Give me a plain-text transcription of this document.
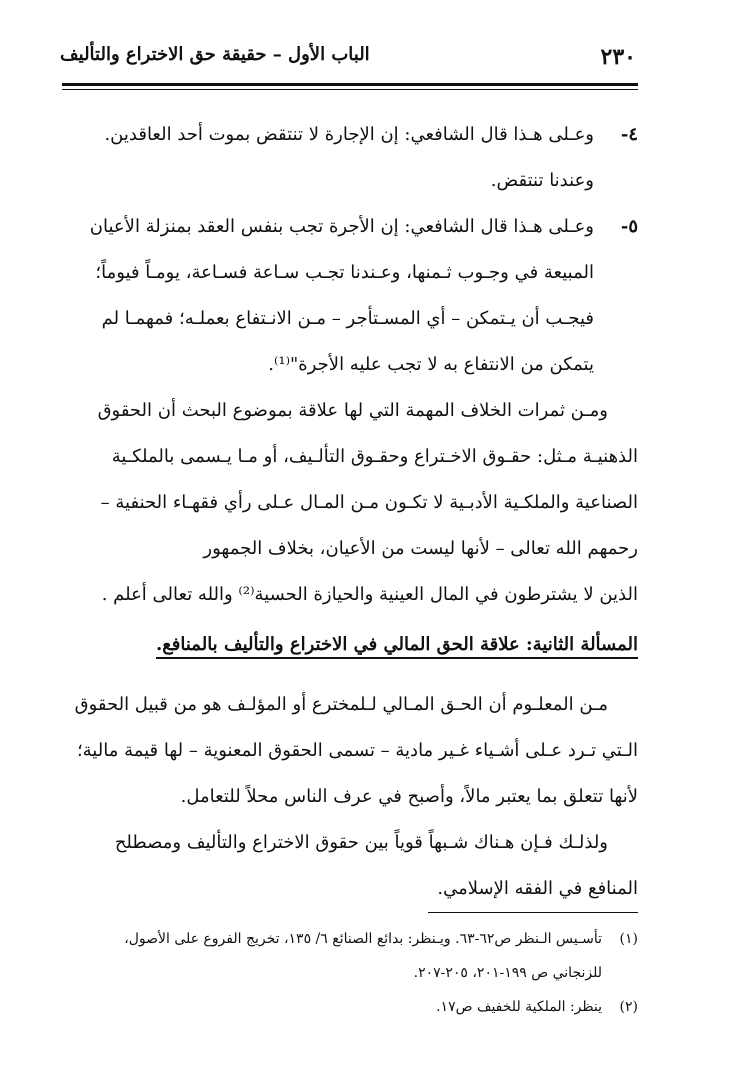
الباب الأول – حقيقة حق الاختراع والتأليف	٢٣٠
٤-
وعـلى هـذا قال الشافعي: إن الإجارة لا تنتقض بموت أحد العاقدين.
وعندنا تنتقض.
٥-
وعـلى هـذا قال الشافعي: إن الأجرة تجب بنفس العقد بمنزلة الأعيان
المبيعة في وجـوب ثـمنها، وعـندنا تجـب سـاعة فسـاعة، يومـاً فيوماً؛
فيجـب أن يـتمكن – أي المسـتأجر – مـن الانـتفاع بعملـه؛ فمهمـا لم
يتمكن من الانتفاع به لا تجب عليه الأجرة"⁽¹⁾.
ومـن ثمرات الخلاف المهمة التي لها علاقة بموضوع البحث أن الحقوق
الذهنيـة مـثل: حقـوق الاخـتراع وحقـوق التألـيف، أو مـا يـسمى بالملكـية
الصناعية والملكـية الأدبـية لا تكـون مـن المـال عـلى رأي فقهـاء الحنفية –
رحمهم الله تعالى – لأنها ليست من الأعيان، بخلاف الجمهور
الذين لا يشترطون في المال العينية والحيازة الحسية⁽²⁾ والله تعالى أعلم .
المسألة الثانية: علاقة الحق المالي في الاختراع والتأليف بالمنافع.
مـن المعلـوم أن الحـق المـالي لـلمخترع أو المؤلـف هو من قبيل الحقوق
الـتي تـرد عـلى أشـياء غـير مادية – تسمى الحقوق المعنوية – لها قيمة مالية؛
لأنها تتعلق بما يعتبر مالاً، وأصبح في عرف الناس محلاً للتعامل.
ولذلـك فـإن هـناك شـبهاً قوياً بين حقوق الاختراع والتأليف ومصطلح
المنافع في الفقه الإسلامي.
(١)
تأسـيس الـنظر ص٦٢-٦٣. ويـنظر: بدائع الصنائع ٦/ ١٣٥، تخريج الفروع على الأصول،
للزنجاني ص ١٩٩-٢٠١، ٢٠٥-٢٠٧.
(٢)
ينظر: الملكية للخفيف ص١٧.
